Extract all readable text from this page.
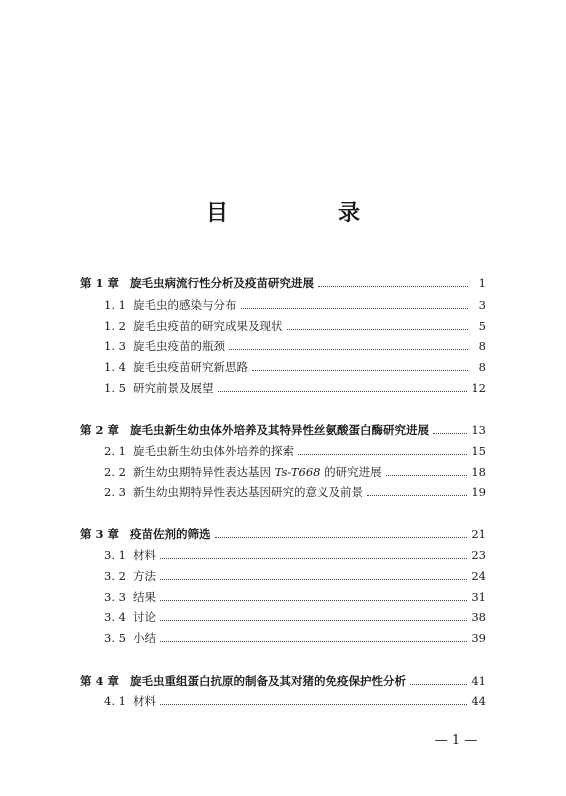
目　录
第 1 章 旋毛虫病流行性分析及疫苗研究进展	1
1. 1 旋毛虫的感染与分布	3
1. 2 旋毛虫疫苗的研究成果及现状	5
1. 3 旋毛虫疫苗的瓶颈	8
1. 4 旋毛虫疫苗研究新思路	8
1. 5 研究前景及展望	12
第 2 章 旋毛虫新生幼虫体外培养及其特异性丝氨酸蛋白酶研究进展	13
2. 1 旋毛虫新生幼虫体外培养的探索	15
2. 2 新生幼虫期特异性表达基因 Ts-T668 的研究进展	18
2. 3 新生幼虫期特异性表达基因研究的意义及前景	19
第 3 章 疫苗佐剂的筛选	21
3. 1 材料	23
3. 2 方法	24
3. 3 结果	31
3. 4 讨论	38
3. 5 小结	39
第 4 章 旋毛虫重组蛋白抗原的制备及其对猪的免疫保护性分析	41
4. 1 材料	44
— 1 —
